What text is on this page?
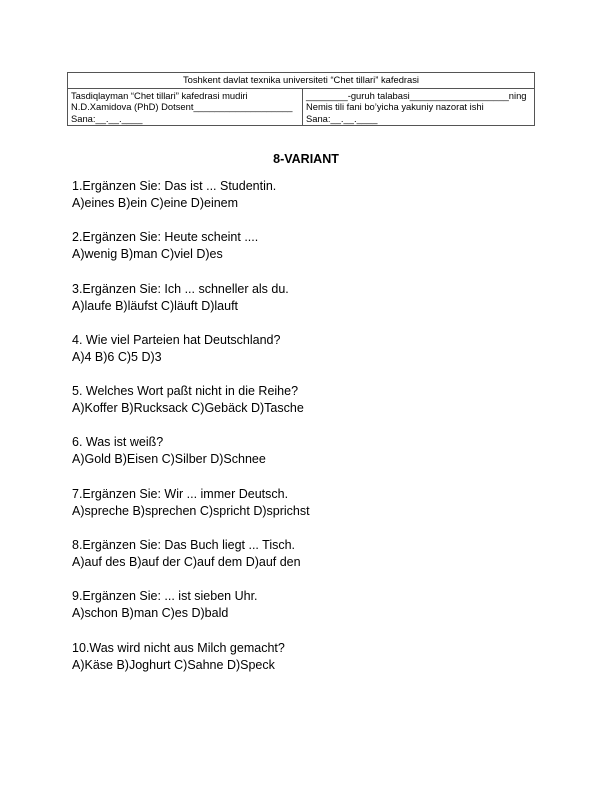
Toshkent davlat texnika universiteti “Chet tillari” kafedrasi

Tasdiqlayman “Chet tillari” kafedrasi mudiri
N.D.Xamidova (PhD) Dotsent___________________
Sana:__.__.____

________-guruh talabasi___________________ning
Nemis tili fani bo’yicha yakuniy nazorat ishi
Sana:__.__.____
8-VARIANT
1.Ergänzen Sie: Das ist ... Studentin.
A)eines B)ein C)eine D)einem
2.Ergänzen Sie: Heute scheint ....
A)wenig B)man C)viel D)es
3.Ergänzen Sie: Ich ... schneller als du.
A)laufe B)läufst C)läuft D)lauft
4. Wie viel Parteien hat Deutschland?
A)4 B)6 C)5 D)3
5. Welches Wort paßt nicht in die Reihe?
A)Koffer B)Rucksack C)Gebäck D)Tasche
6. Was ist weiß?
A)Gold B)Eisen C)Silber D)Schnee
7.Ergänzen Sie: Wir ... immer Deutsch.
A)spreche B)sprechen C)spricht D)sprichst
8.Ergänzen Sie: Das Buch liegt ... Tisch.
A)auf des B)auf der C)auf dem D)auf den
9.Ergänzen Sie: ... ist sieben Uhr.
A)schon B)man C)es D)bald
10.Was wird nicht aus Milch gemacht?
A)Käse B)Joghurt C)Sahne D)Speck
